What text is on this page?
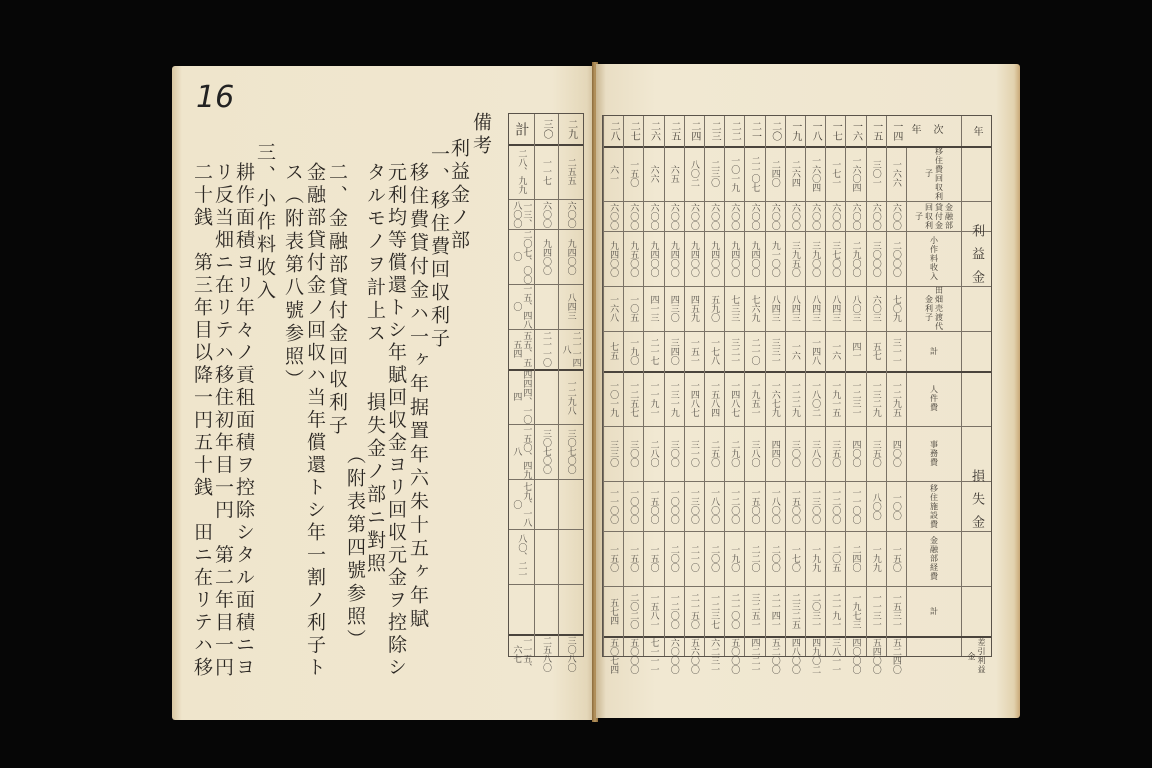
16
備考
利益金ノ部
一、移住費回収利子
移住費貸付金ハ一ヶ年据置年六朱十五ヶ年賦
元利均等償還トシ年賦回収金ヨリ回収元金ヲ控除シ
タルモノヲ計上ス　　損失金ノ部ニ對照
（附表第四號参照）
二、金融部貸付金回収利子
金融部貸付金ノ回収ハ当年償還トシ年一割ノ利子ト
ス（附表第八號参照）
三、小作料收入
耕作面積ヨリ年々ノ貢租面積ヲ控除シタル面積ニヨ
リ反当畑ニ在リテハ移住初年目一円　第二年目一円
二十銭　第三年目以降一円五十銭　田ニ在リテハ移
二九
三〇
計
二五五
一一七
二八、九九
六〇〇
六〇〇
一三、八〇〇
九四〇〇
九四〇〇
二〇七、〇〇〇
八四三
一五、四八〇
二一一四八
二一一〇
五五、五五四
一二九八
四四四、一〇四
三〇七〇〇
三〇七〇〇
一五〇、四九八
七九、一八〇
八〇、二一
三〇八〇
二五八〇
一一五、六七
年次	年
利益金
損失金
差引利益金
一四
一五
一六
一七
一八
一九
二〇
二一
二二
二三
二四
二五
二六
二七
二八
移住費回収利子
一六六
三〇一
一六〇四
一七一
一六〇四
二六四
二四〇
二一〇七
一〇一九
二三〇
八〇二
六五
六六
一五〇
六一
金融部貸付金回収利子
六〇〇
六〇〇
六〇〇
六〇〇
六〇〇
六〇〇
六〇〇
六〇〇
六〇〇
六〇〇
六〇〇
六〇〇
六〇〇
六〇〇
六〇〇
小作料收入
二〇〇〇
三〇〇〇
二九〇〇
三七〇〇
三九〇〇
三九五〇
九一〇〇
九四〇〇
九四〇〇
九四〇〇
九四〇〇
九四〇〇
九四〇〇
九五〇〇
九四〇〇
田畑売渡代金利子
七〇九
六〇三
八〇三
八四三
八四三
八四三
八四三
七六九
七三三
五九〇
四五九
四三〇
四一三
一〇五
一六八
計
三一一
五七
四一
一六
一四八
一六
三三一
二一〇
三二一
一七八
一五一
三四〇
二一七
一九〇
七五
人件費
一二九五
一三二九
一二三一
一九一五
一八〇二
一二二九
一六七九
一九五一
一四八七
一五八四
一四八七
一三一九
一一九一
一二五七
一〇一九
事務費
四〇〇
三五〇
四〇〇
三五〇
三八〇
三〇〇
四四〇
三八〇
二九〇
二五〇
三一〇
三〇〇
二八〇
三〇〇
三三〇
移住施設費
一〇〇
八〇〇
一一〇〇
一二〇〇
一三〇〇
一五〇〇
一八〇〇
一五〇〇
一二〇〇
一八〇〇
一三〇〇
一〇〇〇
一五〇〇
一〇〇〇
一一〇〇
金融部経費
一五〇
一九九
二四〇
二〇五
一九九
一七〇
二〇〇
二二〇
一九〇
二〇〇
二一〇
二〇〇
一五〇
一五〇
一五〇
計
一五三一
一一三一
一九七三
二一九一
二〇三一
二三二五
二一四一
三二五一
二一〇〇
一二三七
二一五〇
一二〇〇
一五八一
二〇二〇
五七四
五二四〇
五四〇〇
四〇〇〇
三八一一
四九〇二
四八〇〇
五二〇〇
四二二一
五〇〇〇
六二三一
五六〇〇
六〇〇〇
七一一一
五〇〇〇
五〇七四
